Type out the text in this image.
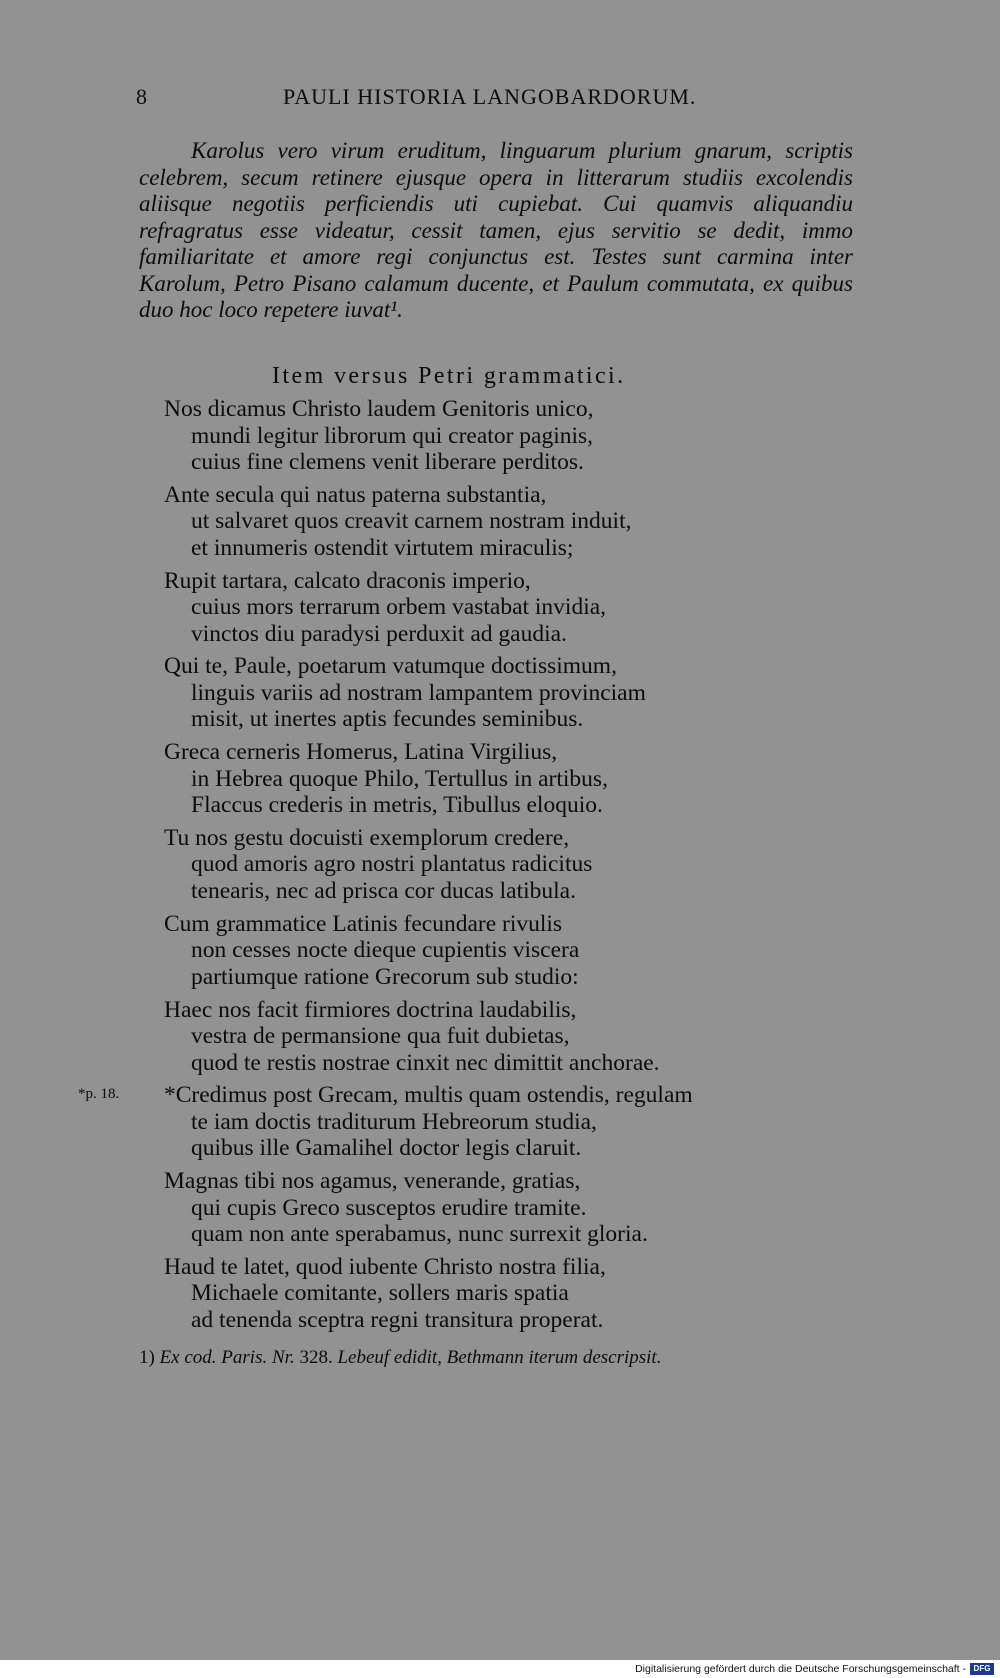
8	PAULI HISTORIA LANGOBARDORUM.

Karolus vero virum eruditum, linguarum plurium gnarum, scriptis celebrem, secum retinere ejusque opera in litterarum studiis excolendis aliisque negotiis perficiendis uti cupiebat. Cui quamvis aliquandiu refragratus esse videatur, cessit tamen, ejus servitio se dedit, immo familiaritate et amore regi conjunctus est. Testes sunt carmina inter Karolum, Petro Pisano calamum ducente, et Paulum commutata, ex quibus duo hoc loco repetere iuvat¹.

Item versus Petri grammatici.
Nos dicamus Christo laudem Genitoris unico,
mundi legitur librorum qui creator paginis,
cuius fine clemens venit liberare perditos.
Ante secula qui natus paterna substantia,
ut salvaret quos creavit carnem nostram induit,
et innumeris ostendit virtutem miraculis;
Rupit tartara, calcato draconis imperio,
cuius mors terrarum orbem vastabat invidia,
vinctos diu paradysi perduxit ad gaudia.
Qui te, Paule, poetarum vatumque doctissimum,
linguis variis ad nostram lampantem provinciam
misit, ut inertes aptis fecundes seminibus.
Greca cerneris Homerus, Latina Virgilius,
in Hebrea quoque Philo, Tertullus in artibus,
Flaccus crederis in metris, Tibullus eloquio.
Tu nos gestu docuisti exemplorum credere,
quod amoris agro nostri plantatus radicitus
tenearis, nec ad prisca cor ducas latibula.
Cum grammatice Latinis fecundare rivulis
non cesses nocte dieque cupientis viscera
partiumque ratione Grecorum sub studio:
Haec nos facit firmiores doctrina laudabilis,
vestra de permansione qua fuit dubietas,
quod te restis nostrae cinxit nec dimittit anchorae.
*Credimus post Grecam, multis quam ostendis, regulam
te iam doctis traditurum Hebreorum studia,
quibus ille Gamalihel doctor legis claruit.
Magnas tibi nos agamus, venerande, gratias,
qui cupis Greco susceptos erudire tramite.
quam non ante sperabamus, nunc surrexit gloria.
Haud te latet, quod iubente Christo nostra filia,
Michaele comitante, sollers maris spatia
ad tenenda sceptra regni transitura properat.
*p. 18.
1) Ex cod. Paris. Nr. 328. Lebeuf edidit, Bethmann iterum descripsit.
Digitalisierung gefördert durch die Deutsche Forschungsgemeinschaft - DFG
